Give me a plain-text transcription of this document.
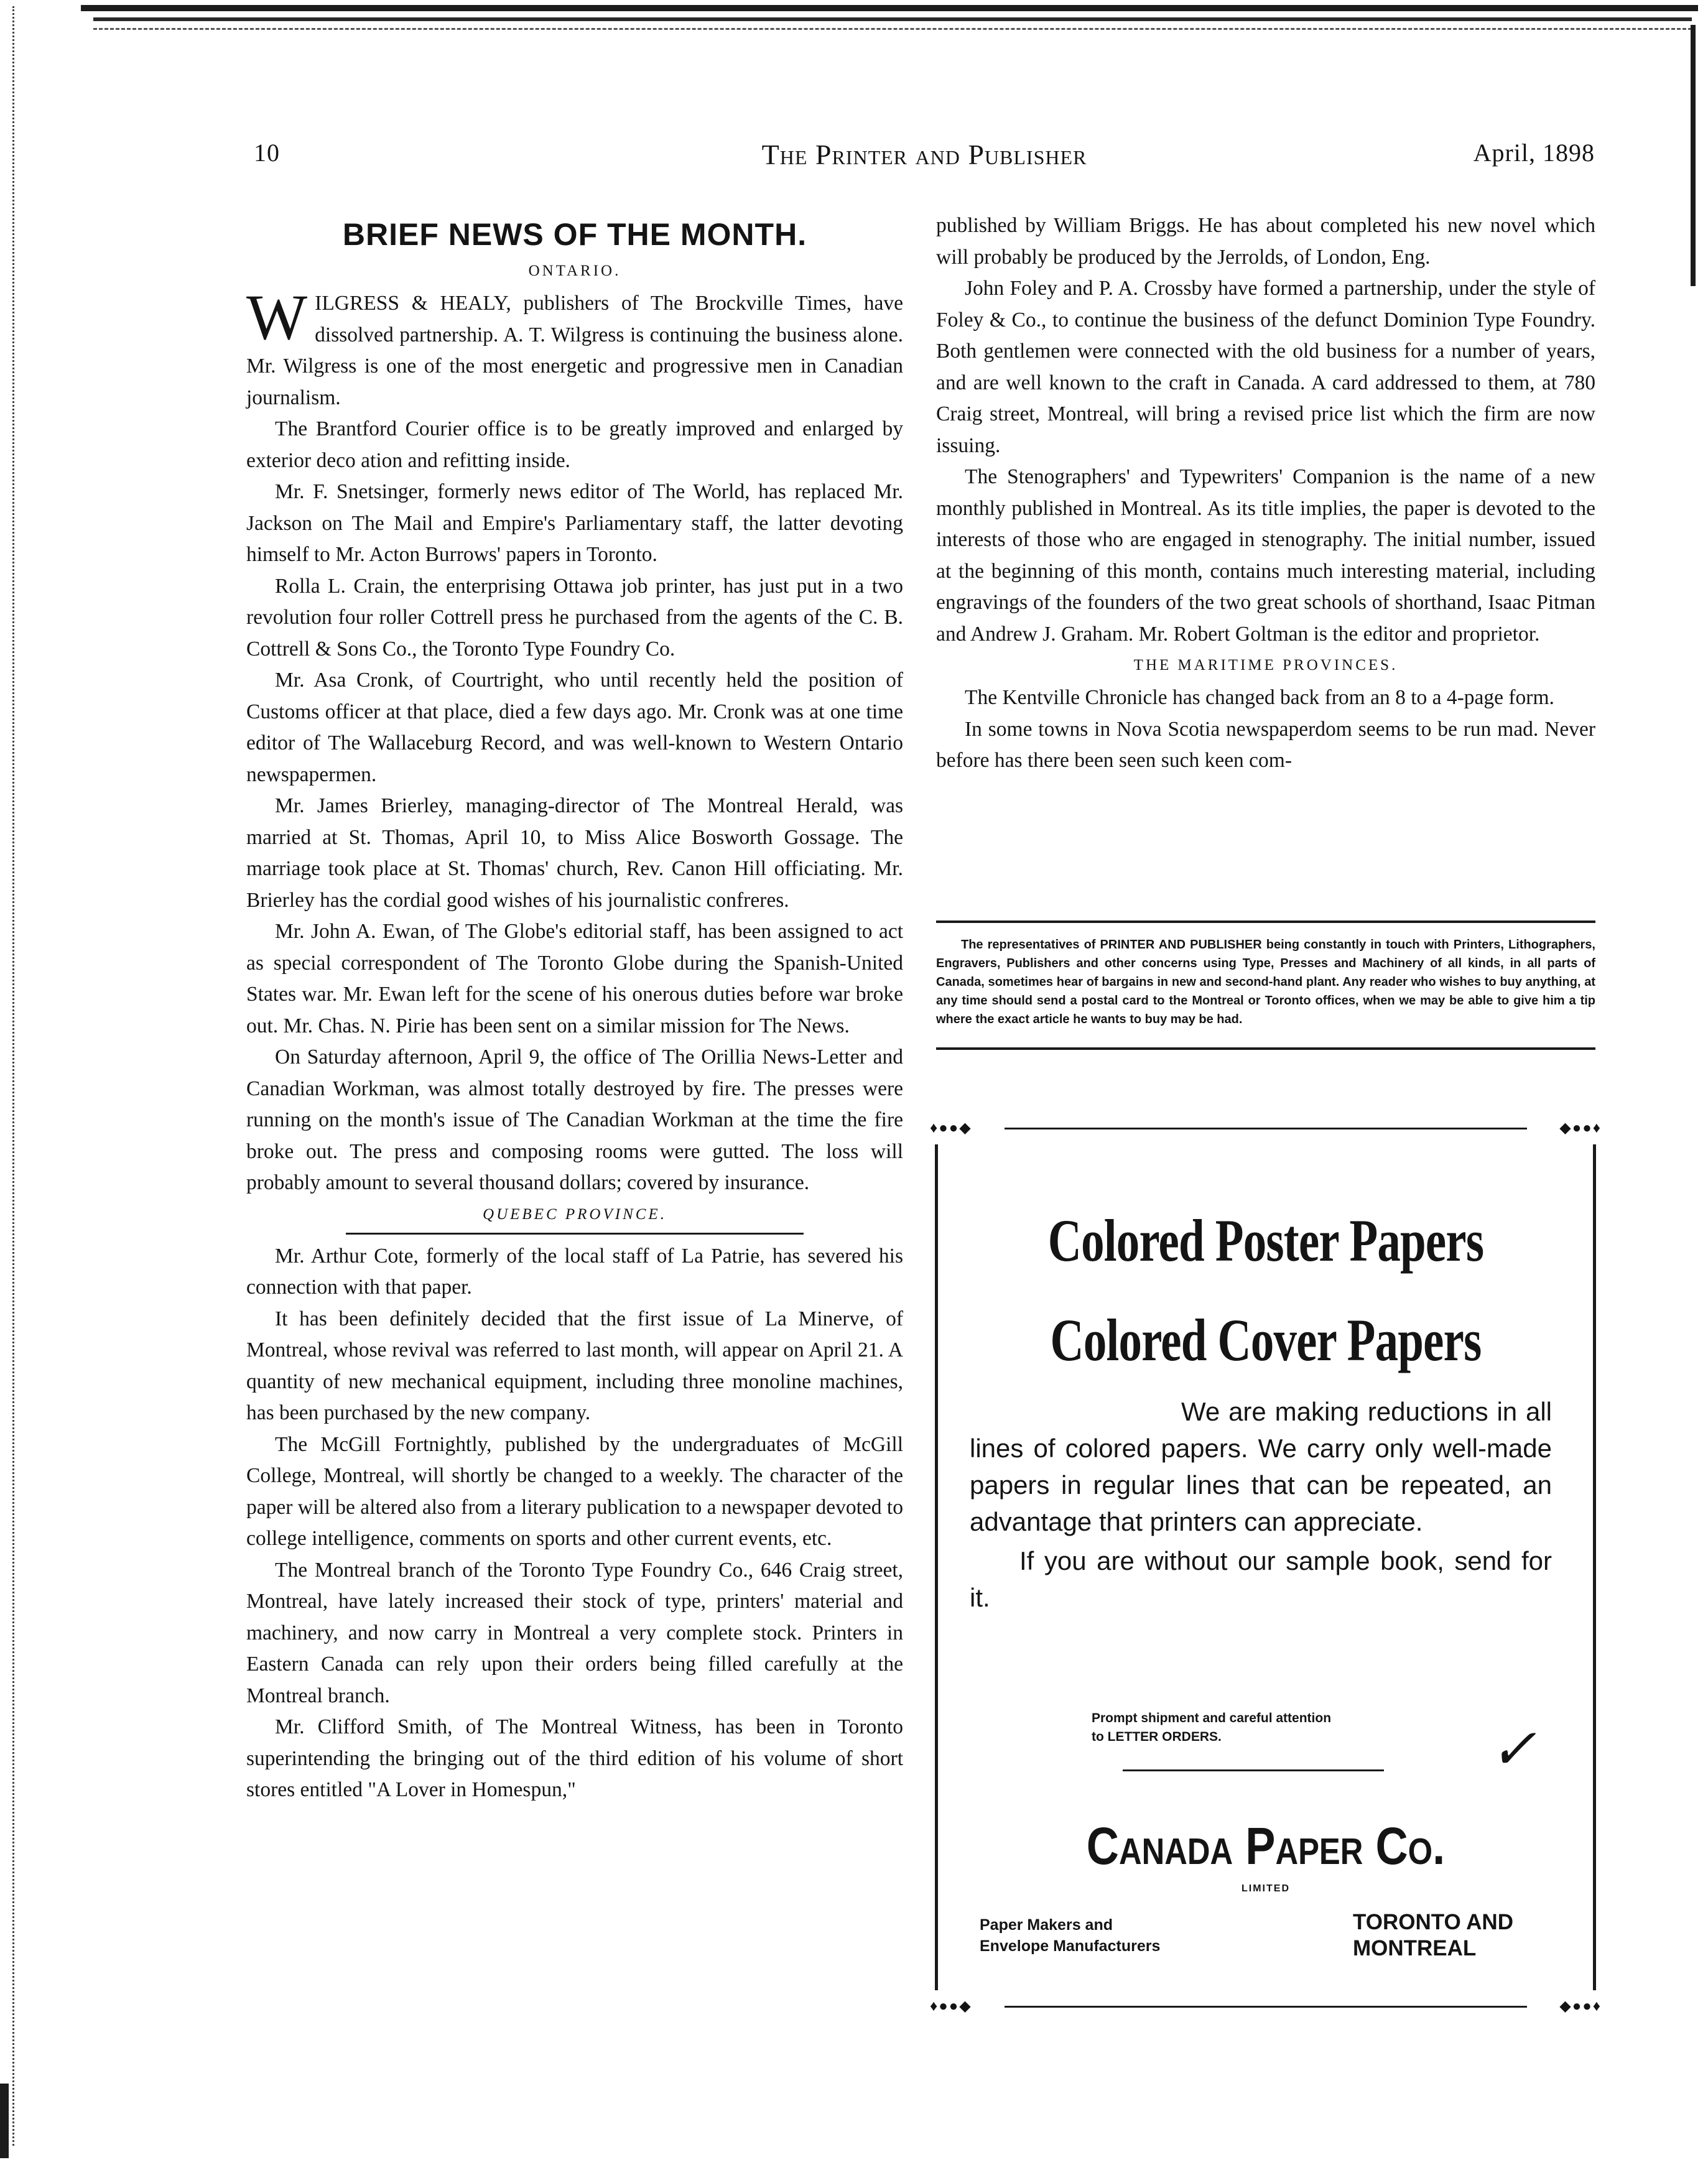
10	The Printer and Publisher	April, 1898
BRIEF NEWS OF THE MONTH.
ONTARIO.

WILGRESS & HEALY, publishers of The Brockville Times, have dissolved partnership. A. T. Wilgress is continuing the business alone. Mr. Wilgress is one of the most energetic and progressive men in Canadian journalism.

The Brantford Courier office is to be greatly improved and enlarged by exterior deco ation and refitting inside.

Mr. F. Snetsinger, formerly news editor of The World, has replaced Mr. Jackson on The Mail and Empire's Parliamentary staff, the latter devoting himself to Mr. Acton Burrows' papers in Toronto.

Rolla L. Crain, the enterprising Ottawa job printer, has just put in a two revolution four roller Cottrell press he purchased from the agents of the C. B. Cottrell & Sons Co., the Toronto Type Foundry Co.

Mr. Asa Cronk, of Courtright, who until recently held the position of Customs officer at that place, died a few days ago. Mr. Cronk was at one time editor of The Wallaceburg Record, and was well-known to Western Ontario newspapermen.

Mr. James Brierley, managing-director of The Montreal Herald, was married at St. Thomas, April 10, to Miss Alice Bosworth Gossage. The marriage took place at St. Thomas' church, Rev. Canon Hill officiating. Mr. Brierley has the cordial good wishes of his journalistic confreres.

Mr. John A. Ewan, of The Globe's editorial staff, has been assigned to act as special correspondent of The Toronto Globe during the Spanish-United States war. Mr. Ewan left for the scene of his onerous duties before war broke out. Mr. Chas. N. Pirie has been sent on a similar mission for The News.

On Saturday afternoon, April 9, the office of The Orillia News-Letter and Canadian Workman, was almost totally destroyed by fire. The presses were running on the month's issue of The Canadian Workman at the time the fire broke out. The press and composing rooms were gutted. The loss will probably amount to several thousand dollars; covered by insurance.

QUEBEC PROVINCE.

Mr. Arthur Cote, formerly of the local staff of La Patrie, has severed his connection with that paper.

It has been definitely decided that the first issue of La Minerve, of Montreal, whose revival was referred to last month, will appear on April 21. A quantity of new mechanical equipment, including three monoline machines, has been purchased by the new company.

The McGill Fortnightly, published by the undergraduates of McGill College, Montreal, will shortly be changed to a weekly. The character of the paper will be altered also from a literary publication to a newspaper devoted to college intelligence, comments on sports and other current events, etc.

The Montreal branch of the Toronto Type Foundry Co., 646 Craig street, Montreal, have lately increased their stock of type, printers' material and machinery, and now carry in Montreal a very complete stock. Printers in Eastern Canada can rely upon their orders being filled carefully at the Montreal branch.

Mr. Clifford Smith, of The Montreal Witness, has been in Toronto superintending the bringing out of the third edition of his volume of short stores entitled "A Lover in Homespun,"

published by William Briggs. He has about completed his new novel which will probably be produced by the Jerrolds, of London, Eng.

John Foley and P. A. Crossby have formed a partnership, under the style of Foley & Co., to continue the business of the defunct Dominion Type Foundry. Both gentlemen were connected with the old business for a number of years, and are well known to the craft in Canada. A card addressed to them, at 780 Craig street, Montreal, will bring a revised price list which the firm are now issuing.

The Stenographers' and Typewriters' Companion is the name of a new monthly published in Montreal. As its title implies, the paper is devoted to the interests of those who are engaged in stenography. The initial number, issued at the beginning of this month, contains much interesting material, including engravings of the founders of the two great schools of shorthand, Isaac Pitman and Andrew J. Graham. Mr. Robert Goltman is the editor and proprietor.

THE MARITIME PROVINCES.

The Kentville Chronicle has changed back from an 8 to a 4-page form.

In some towns in Nova Scotia newspaperdom seems to be run mad. Never before has there been seen such keen com-

The representatives of PRINTER AND PUBLISHER being constantly in touch with Printers, Lithographers, Engravers, Publishers and other concerns using Type, Presses and Machinery of all kinds, in all parts of Canada, sometimes hear of bargains in new and second-hand plant. Any reader who wishes to buy anything, at any time should send a postal card to the Montreal or Toronto offices, when we may be able to give him a tip where the exact article he wants to buy may be had.
♦●●◆	◆●●♦
Colored Poster Papers
Colored Cover Papers

We are making reductions in all lines of colored papers. We carry only well-made papers in regular lines that can be repeated, an advantage that printers can appreciate.

If you are without our sample book, send for it.

Prompt shipment and careful attention
to LETTER ORDERS.	✓
Canada Paper Co.
LIMITED
Paper Makers and
Envelope Manufacturers
TORONTO AND
MONTREAL
♦●●◆	◆●●♦
